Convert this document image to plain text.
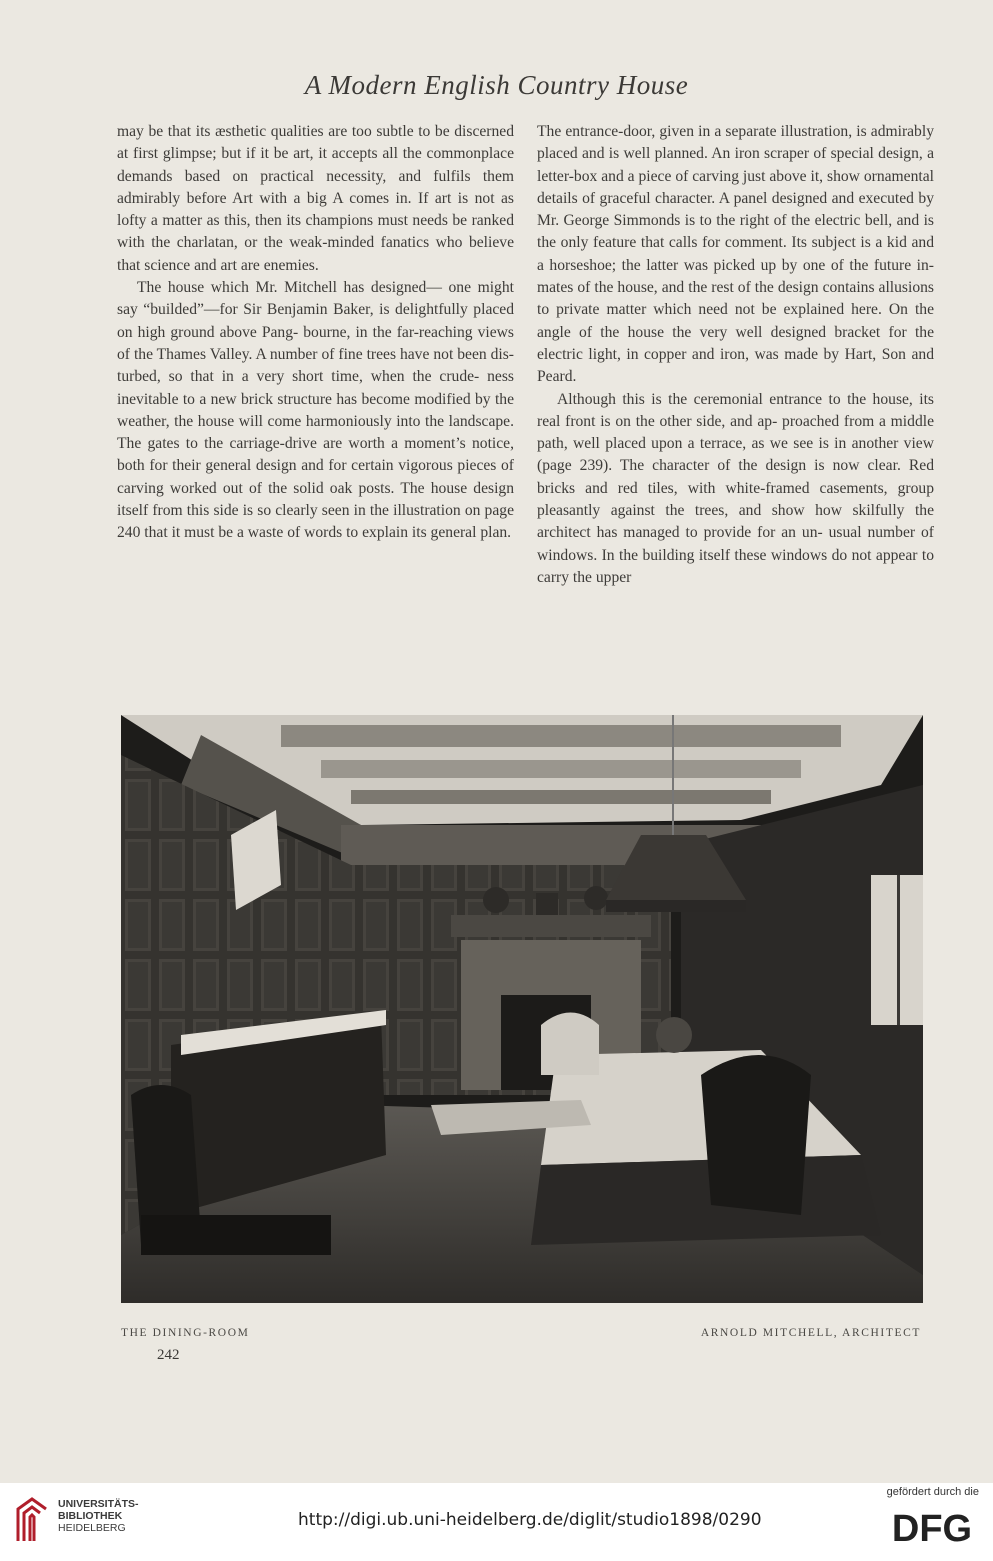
A Modern English Country House

may be that its æsthetic qualities are too subtle to be discerned at first glimpse; but if it be art, it accepts all the commonplace demands based on practical necessity, and fulfils them admirably before Art with a big A comes in. If art is not as lofty a matter as this, then its champions must needs be ranked with the charlatan, or the weak-minded fanatics who believe that science and art are enemies.

The house which Mr. Mitchell has designed— one might say “builded”—for Sir Benjamin Baker, is delightfully placed on high ground above Pang- bourne, in the far-reaching views of the Thames Valley. A number of fine trees have not been dis- turbed, so that in a very short time, when the crude- ness inevitable to a new brick structure has become modified by the weather, the house will come harmoniously into the landscape. The gates to the carriage-drive are worth a moment’s notice, both for their general design and for certain vigorous pieces of carving worked out of the solid oak posts. The house design itself from this side is so clearly seen in the illustration on page 240 that it must be a waste of words to explain its general plan.

The entrance-door, given in a separate illustration, is admirably placed and is well planned. An iron scraper of special design, a letter-box and a piece of carving just above it, show ornamental details of graceful character. A panel designed and executed by Mr. George Simmonds is to the right of the electric bell, and is the only feature that calls for comment. Its subject is a kid and a horseshoe; the latter was picked up by one of the future in- mates of the house, and the rest of the design contains allusions to private matter which need not be explained here. On the angle of the house the very well designed bracket for the electric light, in copper and iron, was made by Hart, Son and Peard.

Although this is the ceremonial entrance to the house, its real front is on the other side, and ap- proached from a middle path, well placed upon a terrace, as we see is in another view (page 239). The character of the design is now clear. Red bricks and red tiles, with white-framed casements, group pleasantly against the trees, and show how skilfully the architect has managed to provide for an un- usual number of windows. In the building itself these windows do not appear to carry the upper

THE DINING-ROOM	ARNOLD MITCHELL, ARCHITECT
242
UNIVERSITÄTS-
BIBLIOTHEK
HEIDELBERG	http://digi.ub.uni-heidelberg.de/diglit/studio1898/0290
gefördert durch die
DFG
